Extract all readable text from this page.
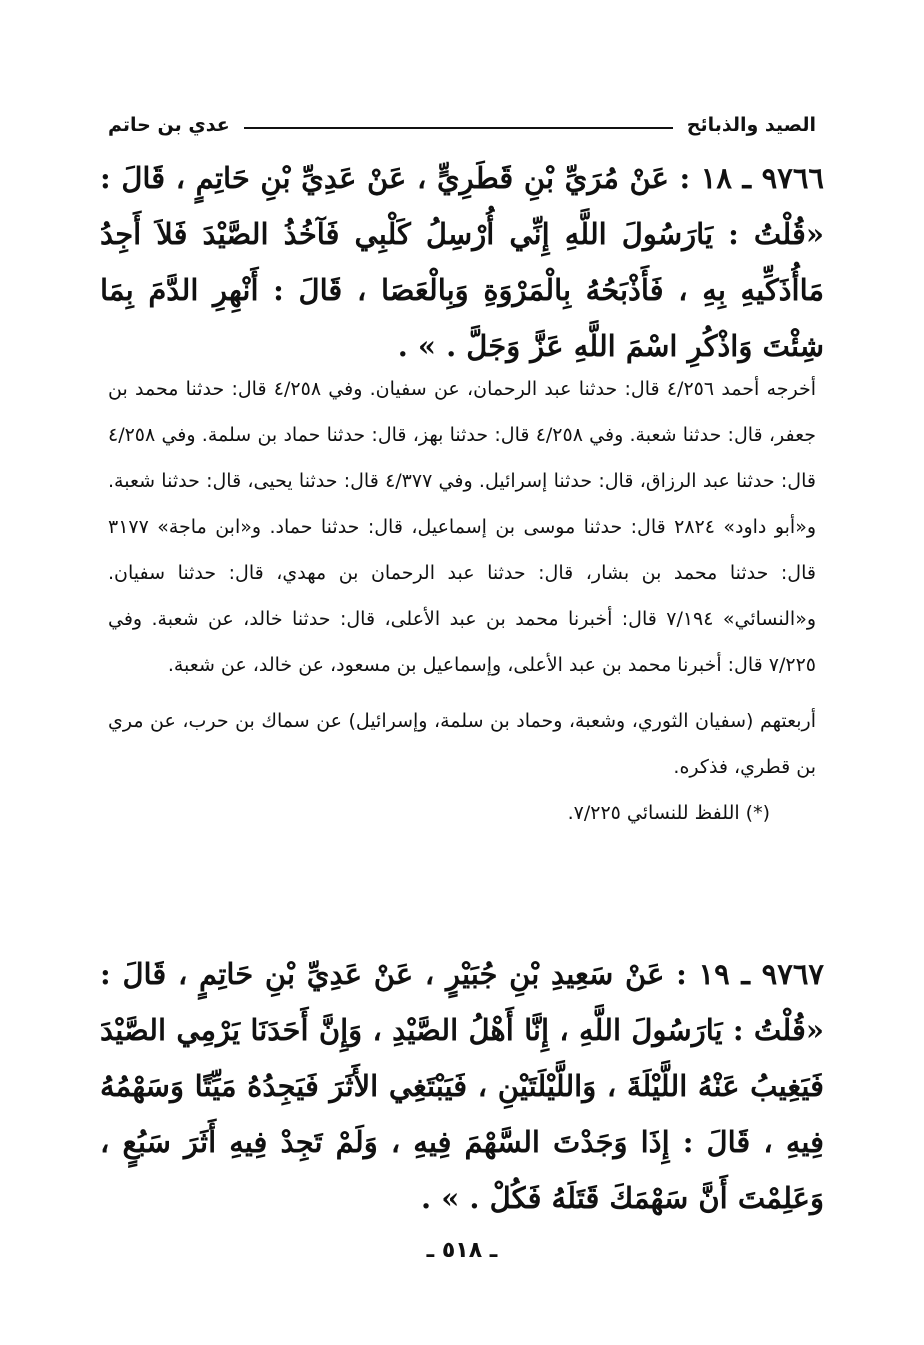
الصيد والذبائح
عدي بن حاتم

٩٧٦٦ ـ ١٨ : عَنْ مُرَيِّ بْنِ قَطَرِيٍّ ، عَنْ عَدِيِّ بْنِ حَاتِمٍ ، قَالَ : «قُلْتُ : يَارَسُولَ اللَّهِ إِنِّي أُرْسِلُ كَلْبِي فَآخُذُ الصَّيْدَ فَلاَ أَجِدُ مَاأُذَكِّيهِ بِهِ ، فَأَذْبَحُهُ بِالْمَرْوَةِ وَبِالْعَصَا ، قَالَ : أَنْهِرِ الدَّمَ بِمَا شِئْتَ وَاذْكُرِ اسْمَ اللَّهِ عَزَّ وَجَلَّ . » .

أخرجه أحمد ٤/٢٥٦ قال: حدثنا عبد الرحمان، عن سفيان. وفي ٤/٢٥٨ قال: حدثنا محمد بن جعفر، قال: حدثنا شعبة. وفي ٤/٢٥٨ قال: حدثنا بهز، قال: حدثنا حماد بن سلمة. وفي ٤/٢٥٨ قال: حدثنا عبد الرزاق، قال: حدثنا إسرائيل. وفي ٤/٣٧٧ قال: حدثنا يحيى، قال: حدثنا شعبة. و«أبو داود» ٢٨٢٤ قال: حدثنا موسى بن إسماعيل، قال: حدثنا حماد. و«ابن ماجة» ٣١٧٧ قال: حدثنا محمد بن بشار، قال: حدثنا عبد الرحمان بن مهدي، قال: حدثنا سفيان. و«النسائي» ٧/١٩٤ قال: أخبرنا محمد بن عبد الأعلى، قال: حدثنا خالد، عن شعبة. وفي ٧/٢٢٥ قال: أخبرنا محمد بن عبد الأعلى، وإسماعيل بن مسعود، عن خالد، عن شعبة.

أربعتهم (سفيان الثوري، وشعبة، وحماد بن سلمة، وإسرائيل) عن سماك بن حرب، عن مري بن قطري، فذكره.

(*) اللفظ للنسائي ٧/٢٢٥.

٩٧٦٧ ـ ١٩ : عَنْ سَعِيدِ بْنِ جُبَيْرٍ ، عَنْ عَدِيِّ بْنِ حَاتِمٍ ، قَالَ : «قُلْتُ : يَارَسُولَ اللَّهِ ، إِنَّا أَهْلُ الصَّيْدِ ، وَإِنَّ أَحَدَنَا يَرْمِي الصَّيْدَ فَيَغِيبُ عَنْهُ اللَّيْلَةَ ، وَاللَّيْلَتَيْنِ ، فَيَبْتَغِي الأَثَرَ فَيَجِدُهُ مَيِّتًا وَسَهْمُهُ فِيهِ ، قَالَ : إِذَا وَجَدْتَ السَّهْمَ فِيهِ ، وَلَمْ تَجِدْ فِيهِ أَثَرَ سَبُعٍ ، وَعَلِمْتَ أَنَّ سَهْمَكَ قَتَلَهُ فَكُلْ . » .

ـ ٥١٨ ـ
